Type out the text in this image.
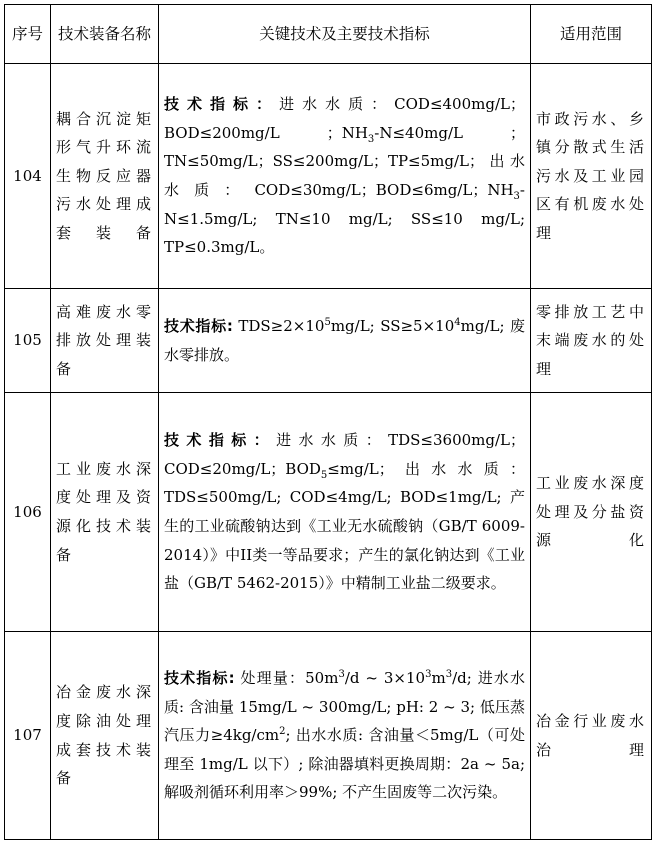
序号	技术装备名称	关键技术及主要技术指标	适用范围
104	耦合沉淀矩形气升环流生物反应器污水处理成套装备	技术指标：进水水质：COD≤400mg/L；BOD≤200mg/L ；$NH_3-N\le 40mg/L$ ；TN≤50mg/L；SS≤200mg/L；TP≤5mg/L；出水水质：COD≤30mg/L；BOD≤6mg/L；$NH_3-N\le 1.5mg/L$; TN≤10 mg/L; SS≤10 mg/L; TP≤0.3mg/L。	市政污水、乡镇分散式生活污水及工业园区有机废水处理
105	高难废水零排放处理装备	技术指标: $TDS\ge 2\times 10^5mg/L$; $SS\ge 5\times 10^4mg/L$; 废水零排放。	零排放工艺中末端废水的处理
106	工业废水深度处理及资源化技术装备	技术指标：进水水质：TDS≤3600mg/L；COD≤20mg/L；$BOD_5\le mg/L$；出水水质：TDS≤500mg/L; COD≤4mg/L; BOD≤1mg/L; 产生的工业硫酸钠达到《工业无水硫酸钠（GB/T 6009-2014）》中II类一等品要求；产生的氯化钠达到《工业盐（GB/T 5462-2015）》中精制工业盐二级要求。	工业废水深度处理及分盐资源化
107	冶金废水深度除油处理成套技术装备	技术指标: 处理量：$50m^3/d$ ~ $3\times 10^3m^3/d$; 进水水质: 含油量 15mg/L ~ 300mg/L; pH: 2 ~ 3; 低压蒸汽压力$\ge 4kg/cm^2$; 出水水质: 含油量＜5mg/L（可处理至 1mg/L 以下）; 除油器填料更换周期：2a ~ 5a; 解吸剂循环利用率＞99%; 不产生固废等二次污染。	冶金行业废水治理
